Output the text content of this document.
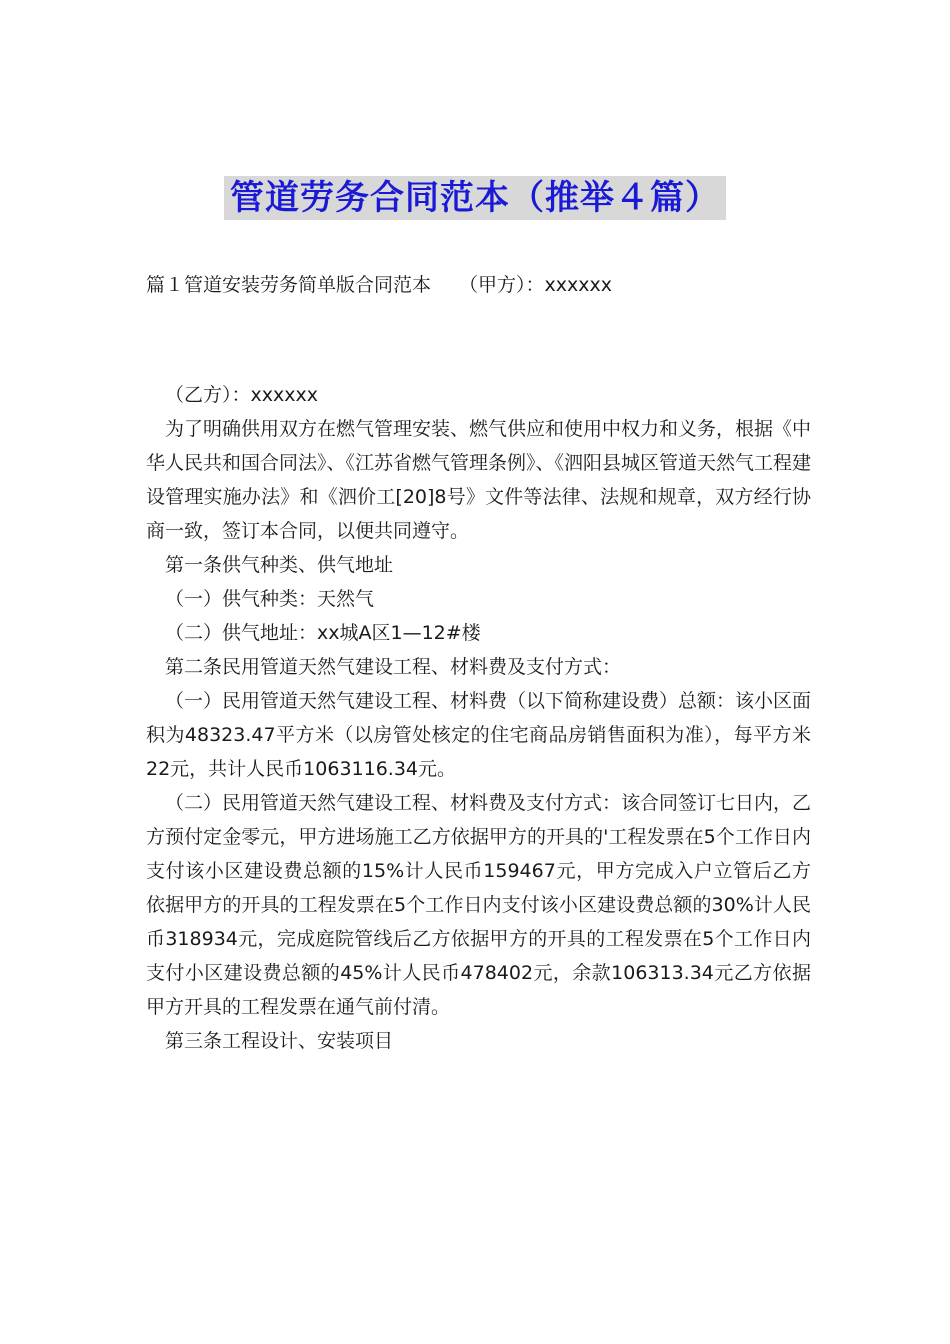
管道劳务合同范本（推举４篇）
篇１管道安装劳务简单版合同范本 （甲方）：xxxxxx

（乙方）：xxxxxx

为了明确供用双方在燃气管理安装、燃气供应和使用中权力和义务，根据《中华人民共和国合同法》、《江苏省燃气管理条例》、《泗阳县城区管道天然气工程建设管理实施办法》和《泗价工[20]8号》文件等法律、法规和规章，双方经行协商一致，签订本合同，以便共同遵守。

第一条供气种类、供气地址

（一）供气种类：天然气

（二）供气地址：xx城A区1—12#楼

第二条民用管道天然气建设工程、材料费及支付方式：

（一）民用管道天然气建设工程、材料费（以下简称建设费）总额：该小区面积为48323.47平方米（以房管处核定的住宅商品房销售面积为准），每平方米22元，共计人民币1063116.34元。

（二）民用管道天然气建设工程、材料费及支付方式：该合同签订七日内，乙方预付定金零元，甲方进场施工乙方依据甲方的开具的'工程发票在5个工作日内支付该小区建设费总额的15%计人民币159467元，甲方完成入户立管后乙方依据甲方的开具的工程发票在5个工作日内支付该小区建设费总额的30%计人民币318934元，完成庭院管线后乙方依据甲方的开具的工程发票在5个工作日内支付小区建设费总额的45%计人民币478402元，余款106313.34元乙方依据甲方开具的工程发票在通气前付清。

第三条工程设计、安装项目
